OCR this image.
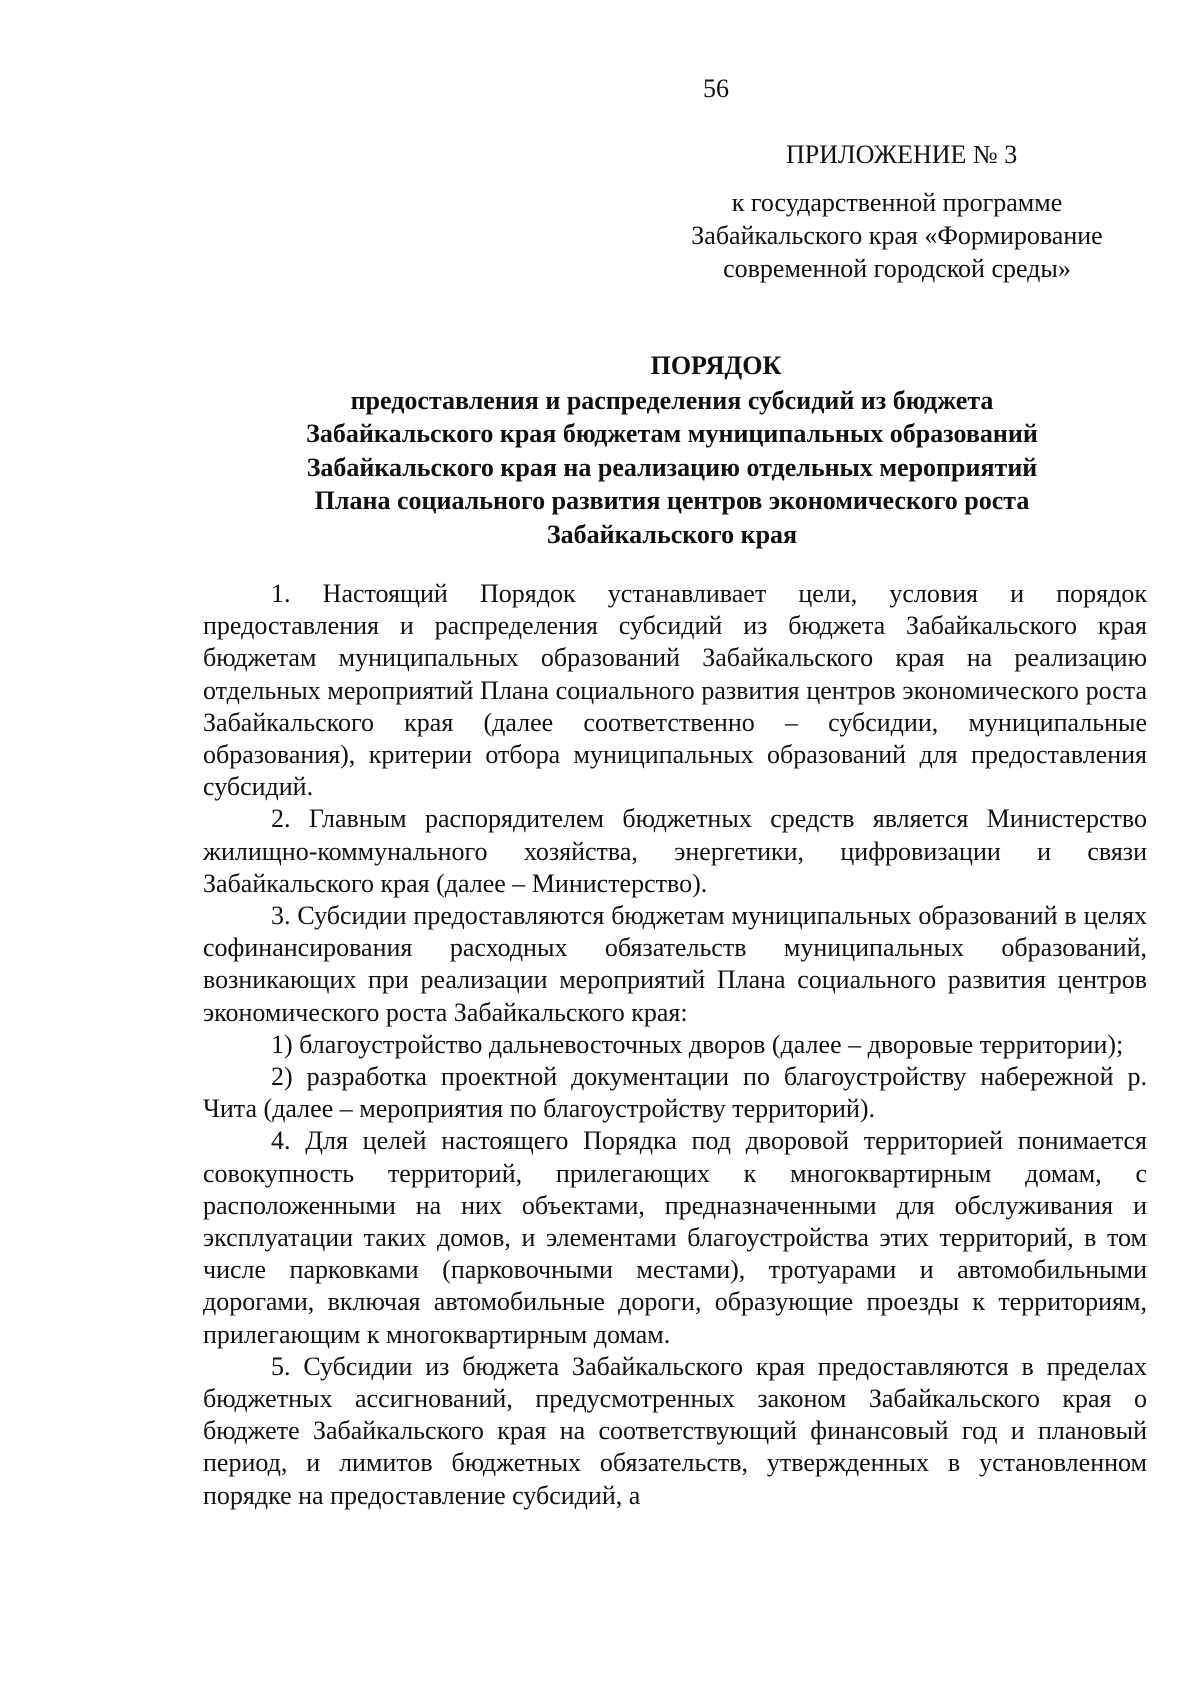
56
ПРИЛОЖЕНИЕ № 3
к государственной программе
Забайкальского края «Формирование
современной городской среды»
ПОРЯДОК
предоставления и распределения субсидий из бюджета
Забайкальского края бюджетам муниципальных образований
Забайкальского края на реализацию отдельных мероприятий
Плана социального развития центров экономического роста
Забайкальского края

1. Настоящий Порядок устанавливает цели, условия и порядок предоставления и распределения субсидий из бюджета Забайкальского края бюджетам муниципальных образований Забайкальского края на реализацию отдельных мероприятий Плана социального развития центров экономического роста Забайкальского края (далее соответственно – субсидии, муниципальные образования), критерии отбора муниципальных образований для предоставления субсидий.

2. Главным распорядителем бюджетных средств является Министерство жилищно-коммунального хозяйства, энергетики, цифровизации и связи Забайкальского края (далее – Министерство).

3. Субсидии предоставляются бюджетам муниципальных образований в целях софинансирования расходных обязательств муниципальных образований, возникающих при реализации мероприятий Плана социального развития центров экономического роста Забайкальского края:

1) благоустройство дальневосточных дворов (далее – дворовые территории);

2) разработка проектной документации по благоустройству набережной р. Чита (далее – мероприятия по благоустройству территорий).

4. Для целей настоящего Порядка под дворовой территорией понимается совокупность территорий, прилегающих к многоквартирным домам, с расположенными на них объектами, предназначенными для обслуживания и эксплуатации таких домов, и элементами благоустройства этих территорий, в том числе парковками (парковочными местами), тротуарами и автомобильными дорогами, включая автомобильные дороги, образующие проезды к территориям, прилегающим к многоквартирным домам.

5. Субсидии из бюджета Забайкальского края предоставляются в пределах бюджетных ассигнований, предусмотренных законом Забайкальского края о бюджете Забайкальского края на соответствующий финансовый год и плановый период, и лимитов бюджетных обязательств, утвержденных в установленном порядке на предоставление субсидий, а
